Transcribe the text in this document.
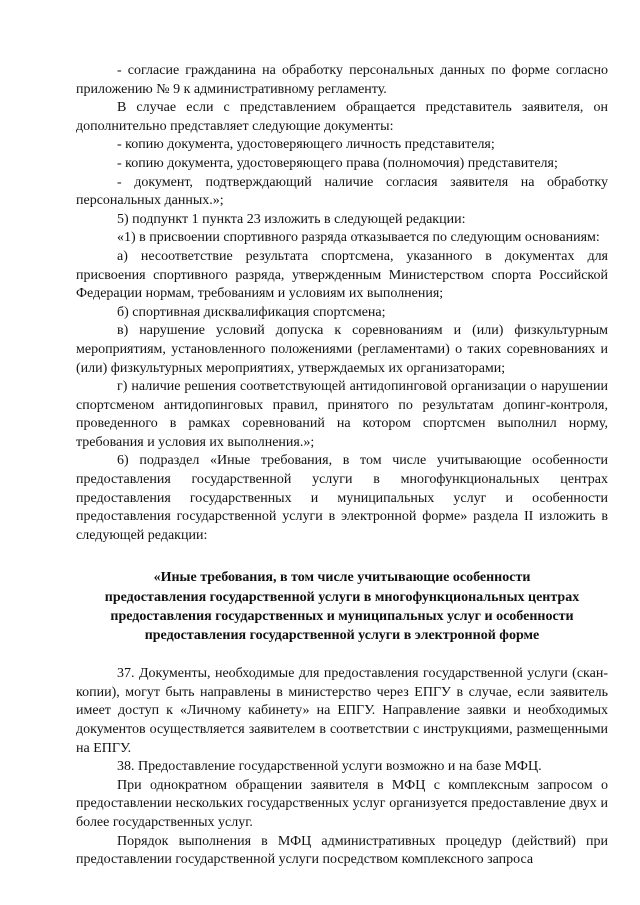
- согласие гражданина на обработку персональных данных по форме согласно приложению № 9 к административному регламенту.

В случае если с представлением обращается представитель заявителя, он дополнительно представляет следующие документы:

- копию документа, удостоверяющего личность представителя;

- копию документа, удостоверяющего права (полномочия) представителя;

- документ, подтверждающий наличие согласия заявителя на обработку персональных данных.»;

5) подпункт 1 пункта 23 изложить в следующей редакции:

«1) в присвоении спортивного разряда отказывается по следующим основаниям:

а) несоответствие результата спортсмена, указанного в документах для присвоения спортивного разряда, утвержденным Министерством спорта Российской Федерации нормам, требованиям и условиям их выполнения;

б) спортивная дисквалификация спортсмена;

в) нарушение условий допуска к соревнованиям и (или) физкультурным мероприятиям, установленного положениями (регламентами) о таких соревнованиях и (или) физкультурных мероприятиях, утверждаемых их организаторами;

г) наличие решения соответствующей антидопинговой организации о нарушении спортсменом антидопинговых правил, принятого по результатам допинг-контроля, проведенного в рамках соревнований на котором спортсмен выполнил норму, требования и условия их выполнения.»;

6) подраздел «Иные требования, в том числе учитывающие особенности предоставления государственной услуги в многофункциональных центрах предоставления государственных и муниципальных услуг и особенности предоставления государственной услуги в электронной форме» раздела II изложить в следующей редакции:

«Иные требования, в том числе учитывающие особенности
предоставления государственной услуги в многофункциональных центрах
предоставления государственных и муниципальных услуг и особенности
предоставления государственной услуги в электронной форме

37. Документы, необходимые для предоставления государственной услуги (скан-копии), могут быть направлены в министерство через ЕПГУ в случае, если заявитель имеет доступ к «Личному кабинету» на ЕПГУ. Направление заявки и необходимых документов осуществляется заявителем в соответствии с инструкциями, размещенными на ЕПГУ.

38. Предоставление государственной услуги возможно и на базе МФЦ.

При однократном обращении заявителя в МФЦ с комплексным запросом о предоставлении нескольких государственных услуг организуется предоставление двух и более государственных услуг.

Порядок выполнения в МФЦ административных процедур (действий) при предоставлении государственной услуги посредством комплексного запроса
